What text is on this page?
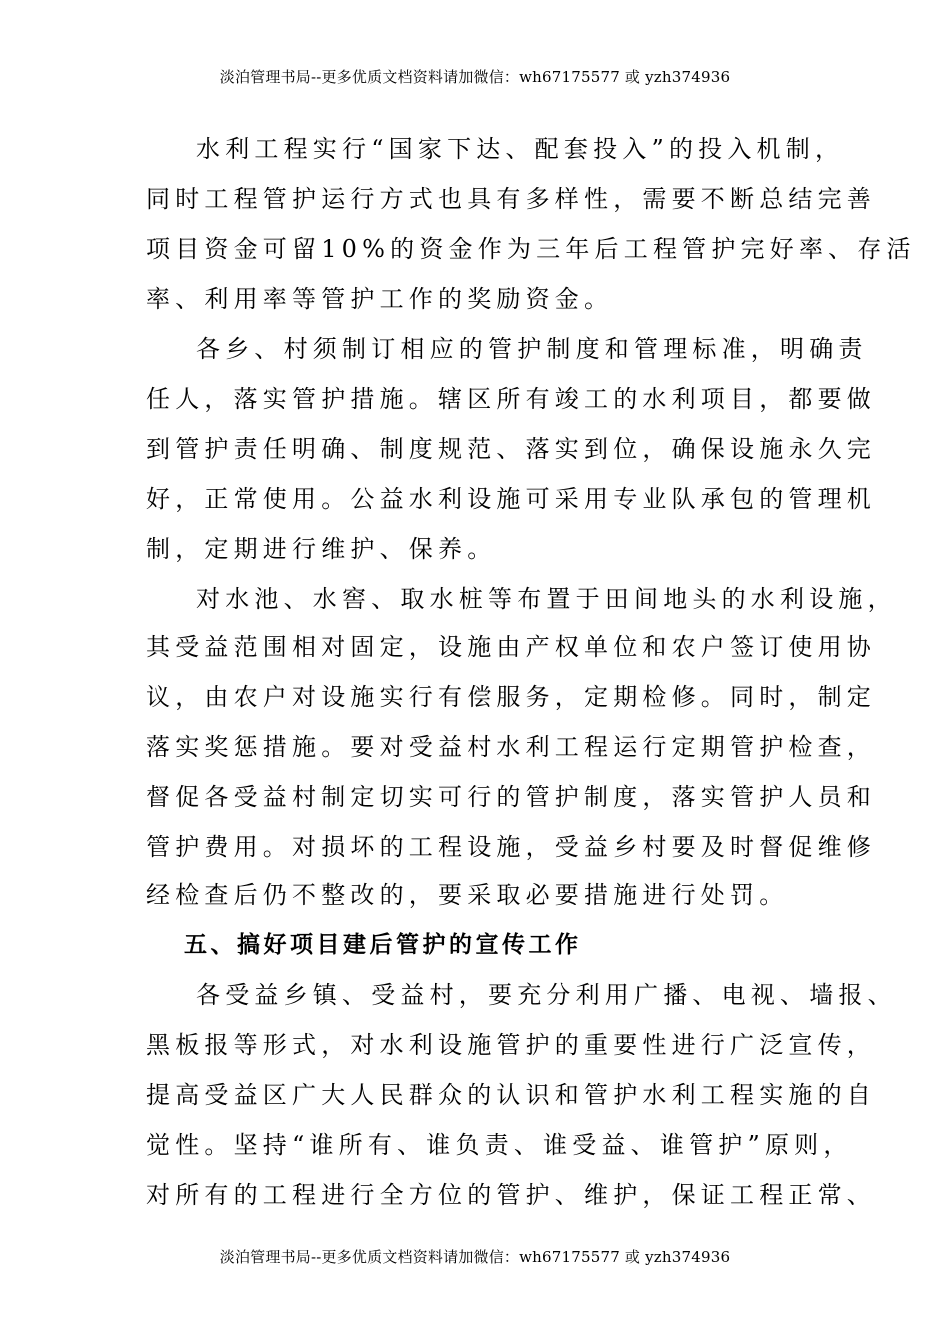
淡泊管理书局--更多优质文档资料请加微信：wh67175577 或 yzh374936
水利工程实行“国家下达、配套投入”的投入机制，
同时工程管护运行方式也具有多样性，需要不断总结完善
项目资金可留10%的资金作为三年后工程管护完好率、存活
率、利用率等管护工作的奖励资金。
各乡、村须制订相应的管护制度和管理标准，明确责
任人，落实管护措施。辖区所有竣工的水利项目，都要做
到管护责任明确、制度规范、落实到位，确保设施永久完
好，正常使用。公益水利设施可采用专业队承包的管理机
制，定期进行维护、保养。
对水池、水窖、取水桩等布置于田间地头的水利设施，
其受益范围相对固定，设施由产权单位和农户签订使用协
议，由农户对设施实行有偿服务，定期检修。同时，制定
落实奖惩措施。要对受益村水利工程运行定期管护检查，
督促各受益村制定切实可行的管护制度，落实管护人员和
管护费用。对损坏的工程设施，受益乡村要及时督促维修
经检查后仍不整改的，要采取必要措施进行处罚。
五、搞好项目建后管护的宣传工作
各受益乡镇、受益村，要充分利用广播、电视、墙报、
黑板报等形式，对水利设施管护的重要性进行广泛宣传，
提高受益区广大人民群众的认识和管护水利工程实施的自
觉性。坚持“谁所有、谁负责、谁受益、谁管护”原则，
对所有的工程进行全方位的管护、维护，保证工程正常、
淡泊管理书局--更多优质文档资料请加微信：wh67175577 或 yzh374936
